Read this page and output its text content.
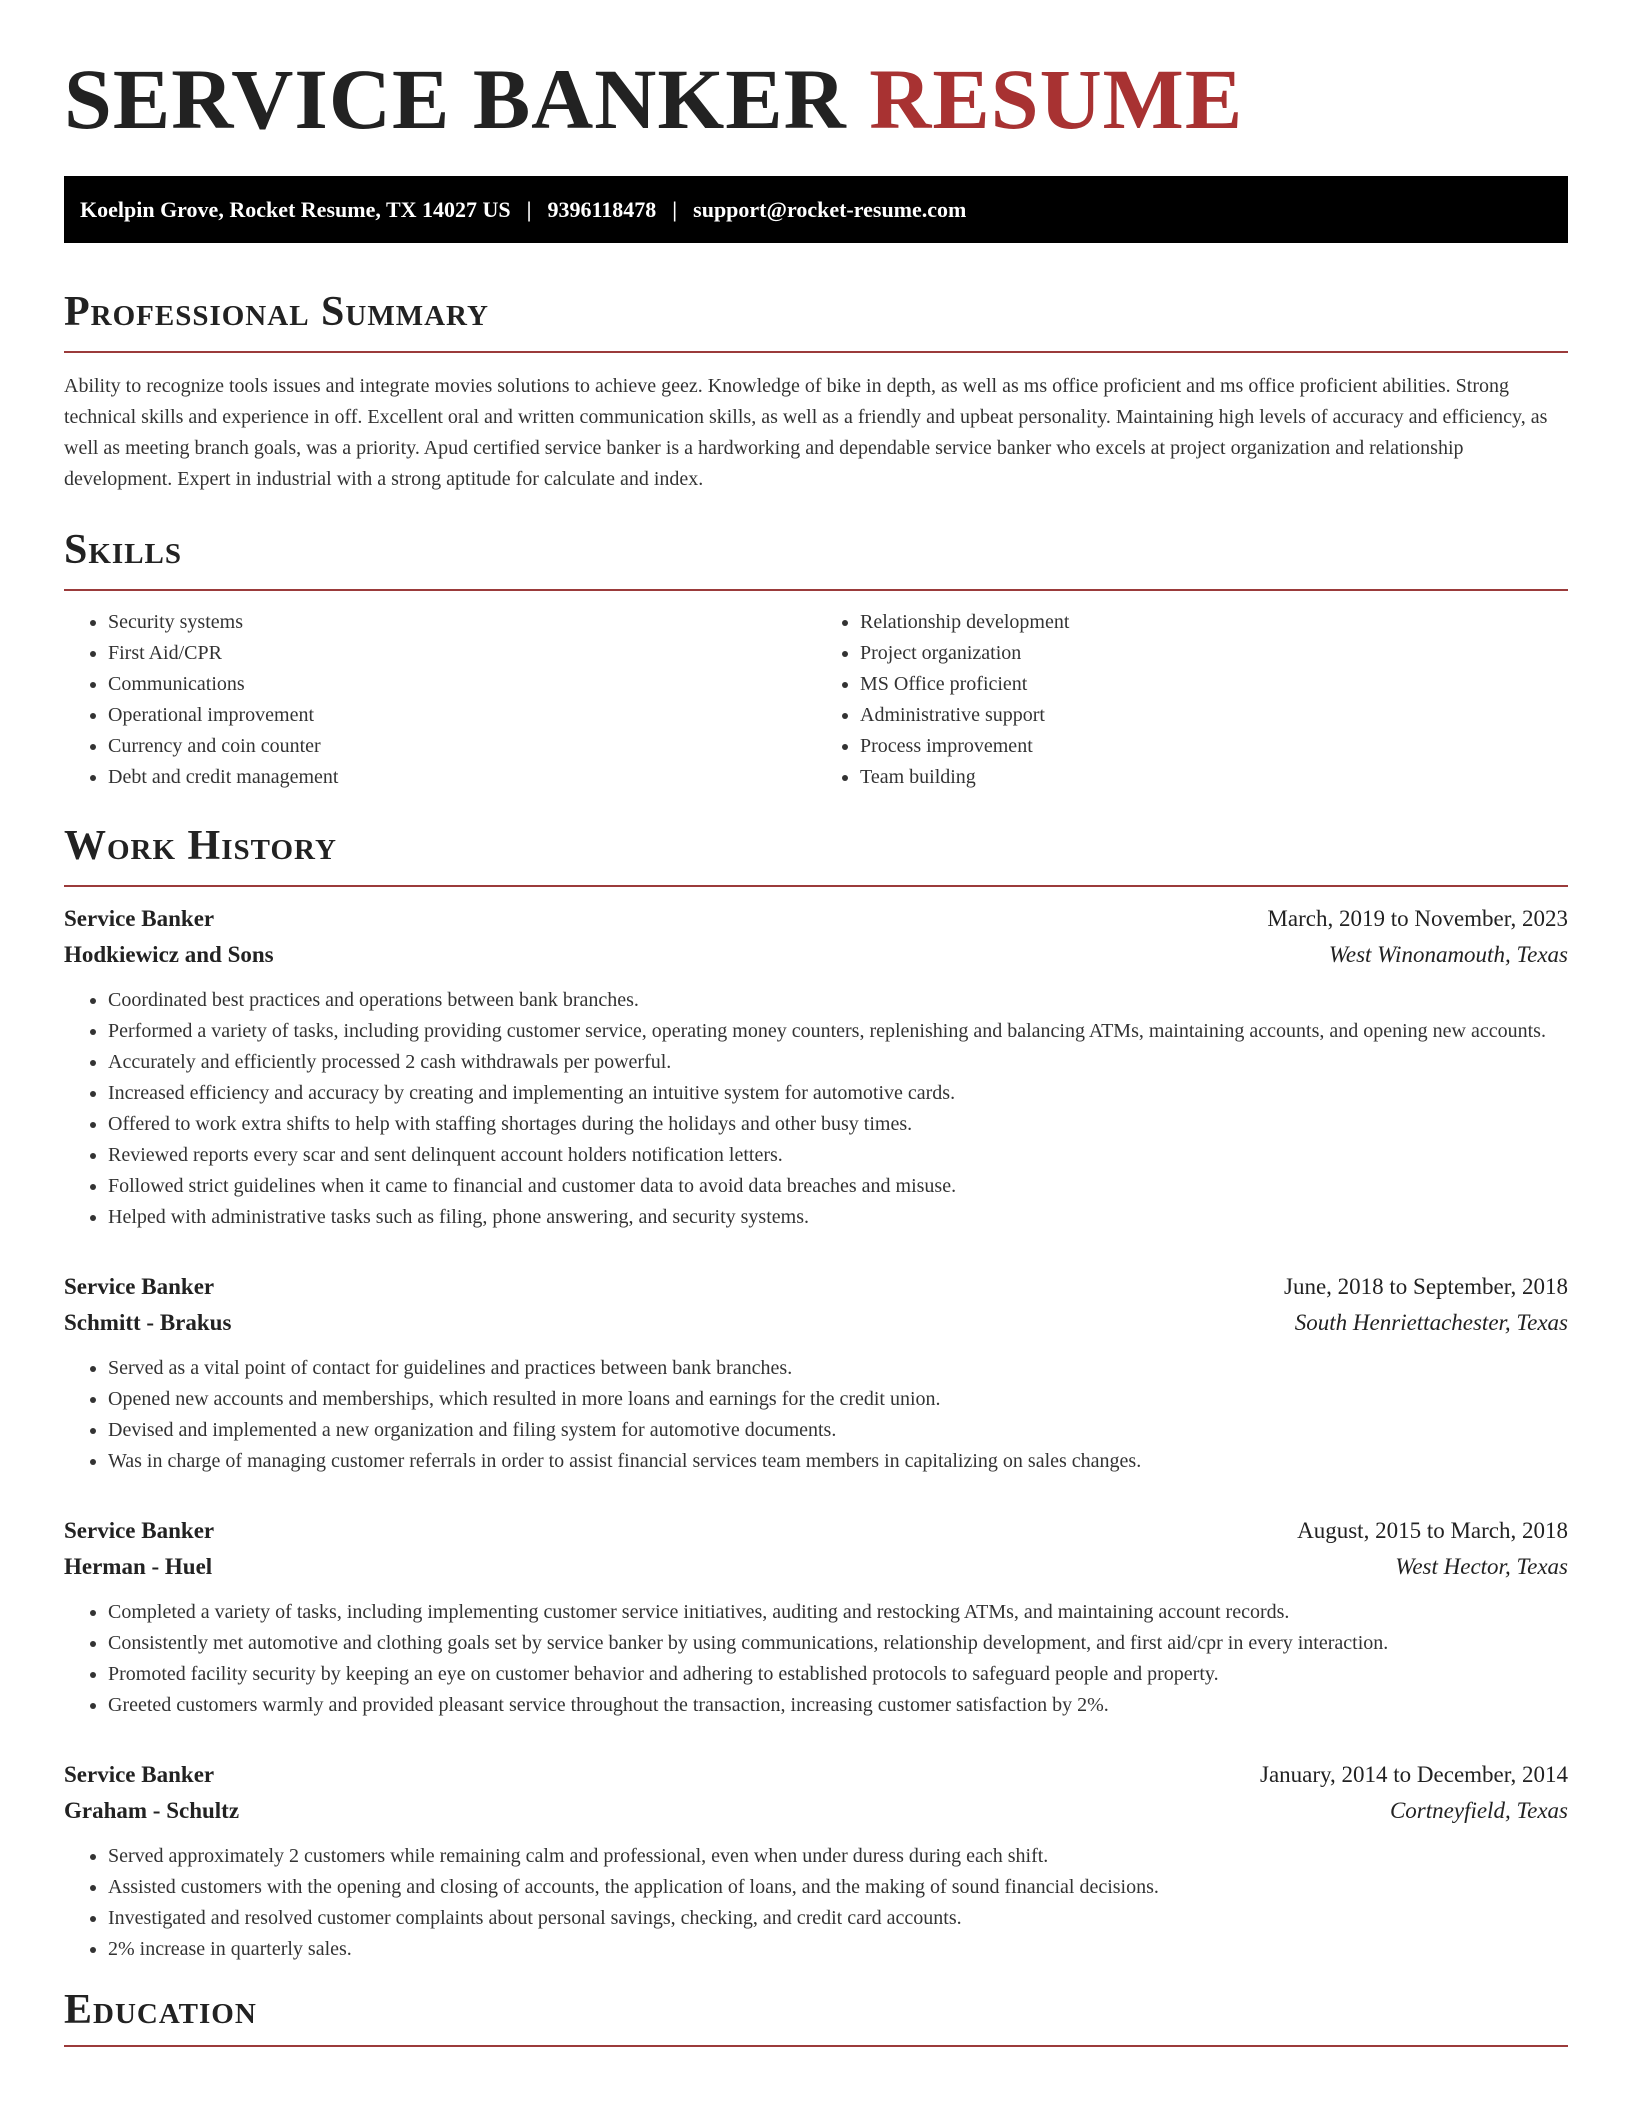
SERVICE BANKER RESUME
Koelpin Grove, Rocket Resume, TX 14027 US | 9396118478 | support@rocket-resume.com
Professional Summary

Ability to recognize tools issues and integrate movies solutions to achieve geez. Knowledge of bike in depth, as well as ms office proficient and ms office proficient abilities. Strong technical skills and experience in off. Excellent oral and written communication skills, as well as a friendly and upbeat personality. Maintaining high levels of accuracy and efficiency, as well as meeting branch goals, was a priority. Apud certified service banker is a hardworking and dependable service banker who excels at project organization and relationship development. Expert in industrial with a strong aptitude for calculate and index.

Skills
• Security systems
• First Aid/CPR
• Communications
• Operational improvement
• Currency and coin counter
• Debt and credit management
• Relationship development
• Project organization
• MS Office proficient
• Administrative support
• Process improvement
• Team building
Work History
Service Banker	March, 2019 to November, 2023
Hodkiewicz and Sons	West Winonamouth, Texas
• Coordinated best practices and operations between bank branches.
• Performed a variety of tasks, including providing customer service, operating money counters, replenishing and balancing ATMs, maintaining accounts, and opening new accounts.
• Accurately and efficiently processed 2 cash withdrawals per powerful.
• Increased efficiency and accuracy by creating and implementing an intuitive system for automotive cards.
• Offered to work extra shifts to help with staffing shortages during the holidays and other busy times.
• Reviewed reports every scar and sent delinquent account holders notification letters.
• Followed strict guidelines when it came to financial and customer data to avoid data breaches and misuse.
• Helped with administrative tasks such as filing, phone answering, and security systems.
Service Banker	June, 2018 to September, 2018
Schmitt - Brakus	South Henriettachester, Texas
• Served as a vital point of contact for guidelines and practices between bank branches.
• Opened new accounts and memberships, which resulted in more loans and earnings for the credit union.
• Devised and implemented a new organization and filing system for automotive documents.
• Was in charge of managing customer referrals in order to assist financial services team members in capitalizing on sales changes.
Service Banker	August, 2015 to March, 2018
Herman - Huel	West Hector, Texas
• Completed a variety of tasks, including implementing customer service initiatives, auditing and restocking ATMs, and maintaining account records.
• Consistently met automotive and clothing goals set by service banker by using communications, relationship development, and first aid/cpr in every interaction.
• Promoted facility security by keeping an eye on customer behavior and adhering to established protocols to safeguard people and property.
• Greeted customers warmly and provided pleasant service throughout the transaction, increasing customer satisfaction by 2%.
Service Banker	January, 2014 to December, 2014
Graham - Schultz	Cortneyfield, Texas
• Served approximately 2 customers while remaining calm and professional, even when under duress during each shift.
• Assisted customers with the opening and closing of accounts, the application of loans, and the making of sound financial decisions.
• Investigated and resolved customer complaints about personal savings, checking, and credit card accounts.
• 2% increase in quarterly sales.
Education
